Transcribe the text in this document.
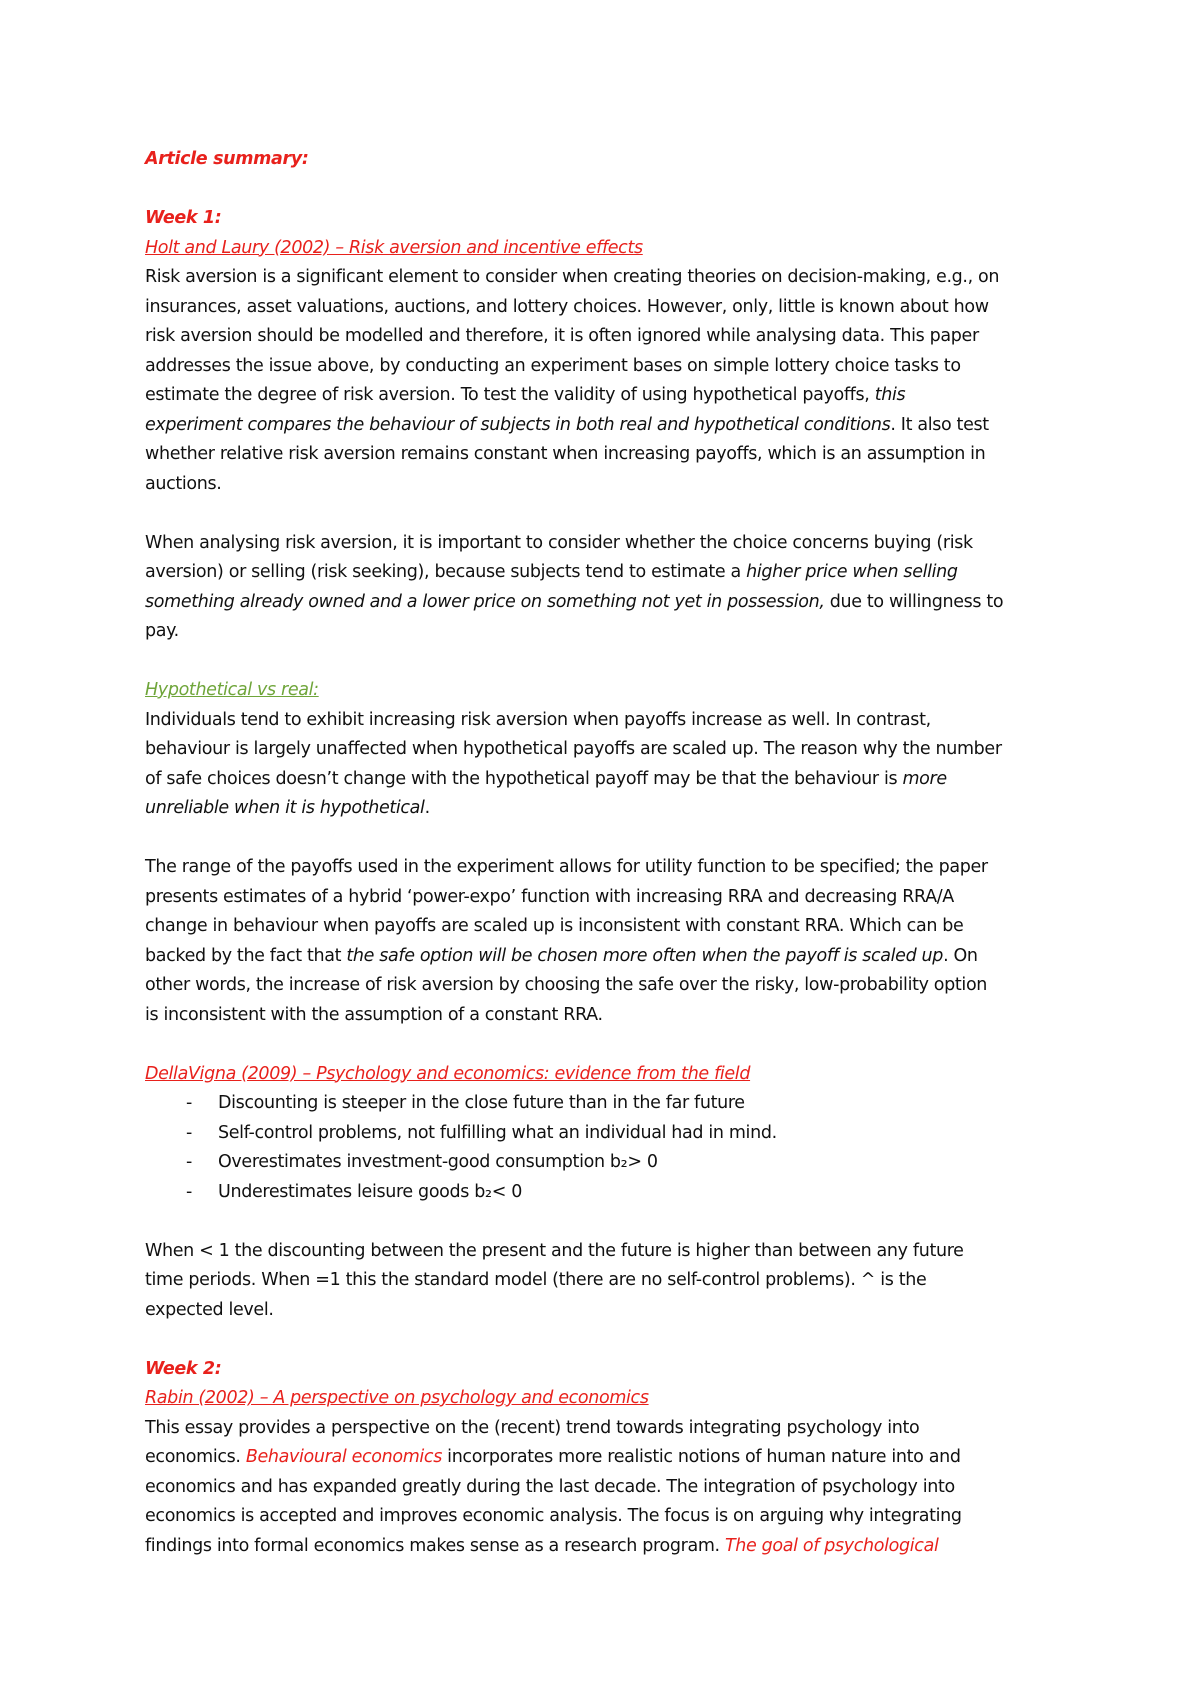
Article summary:
Week 1:
Holt and Laury (2002) – Risk aversion and incentive effects
Risk aversion is a significant element to consider when creating theories on decision-making, e.g., on
insurances, asset valuations, auctions, and lottery choices. However, only, little is known about how
risk aversion should be modelled and therefore, it is often ignored while analysing data. This paper
addresses the issue above, by conducting an experiment bases on simple lottery choice tasks to
estimate the degree of risk aversion. To test the validity of using hypothetical payoffs, this
experiment compares the behaviour of subjects in both real and hypothetical conditions. It also test
whether relative risk aversion remains constant when increasing payoffs, which is an assumption in
auctions.
When analysing risk aversion, it is important to consider whether the choice concerns buying (risk
aversion) or selling (risk seeking), because subjects tend to estimate a higher price when selling
something already owned and a lower price on something not yet in possession, due to willingness to
pay.
Hypothetical vs real:
Individuals tend to exhibit increasing risk aversion when payoffs increase as well. In contrast,
behaviour is largely unaffected when hypothetical payoffs are scaled up. The reason why the number
of safe choices doesn’t change with the hypothetical payoff may be that the behaviour is more
unreliable when it is hypothetical.
The range of the payoffs used in the experiment allows for utility function to be specified; the paper
presents estimates of a hybrid ‘power-expo’ function with increasing RRA and decreasing RRA/A
change in behaviour when payoffs are scaled up is inconsistent with constant RRA. Which can be
backed by the fact that the safe option will be chosen more often when the payoff is scaled up. On
other words, the increase of risk aversion by choosing the safe over the risky, low-probability option
is inconsistent with the assumption of a constant RRA.
DellaVigna (2009) – Psychology and economics: evidence from the field
- Discounting is steeper in the close future than in the far future
- Self-control problems, not fulfilling what an individual had in mind.
- Overestimates investment-good consumption b₂> 0
- Underestimates leisure goods b₂< 0
When < 1 the discounting between the present and the future is higher than between any future
time periods. When =1 this the standard model (there are no self-control problems). ^ is the
expected level.
Week 2:
Rabin (2002) – A perspective on psychology and economics
This essay provides a perspective on the (recent) trend towards integrating psychology into
economics. Behavioural economics incorporates more realistic notions of human nature into and
economics and has expanded greatly during the last decade. The integration of psychology into
economics is accepted and improves economic analysis. The focus is on arguing why integrating
findings into formal economics makes sense as a research program. The goal of psychological
